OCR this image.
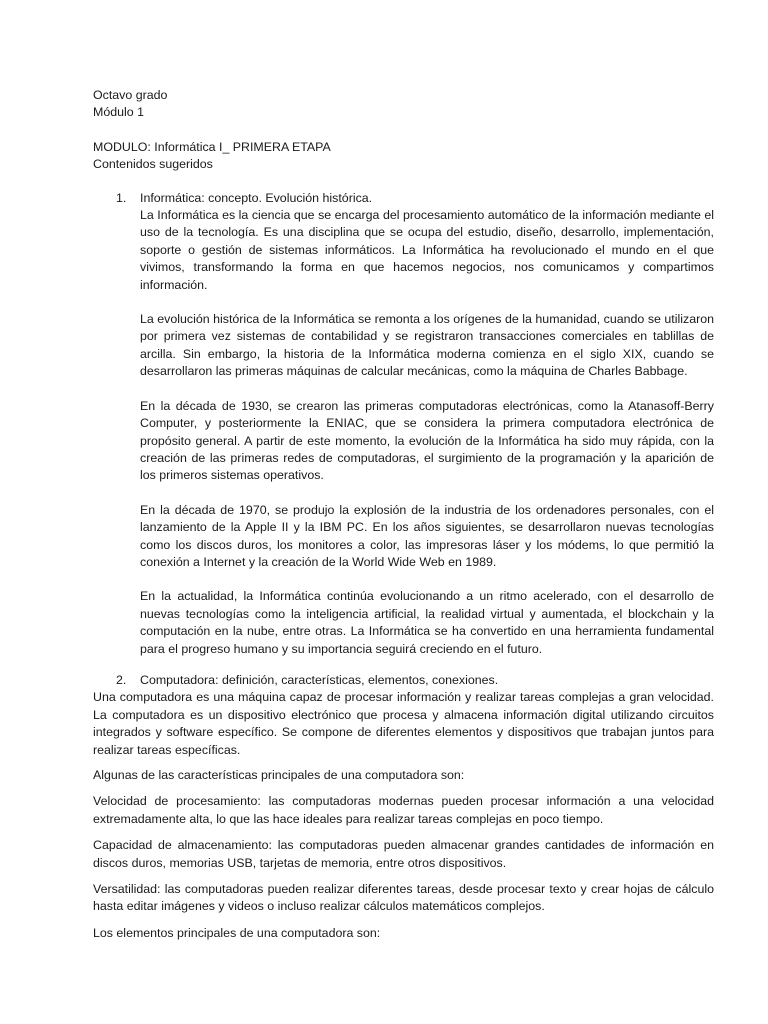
Octavo grado

Módulo 1

MODULO: Informática I_ PRIMERA ETAPA

Contenidos sugeridos

1. Informática: concepto. Evolución histórica.

La Informática es la ciencia que se encarga del procesamiento automático de la información mediante el uso de la tecnología. Es una disciplina que se ocupa del estudio, diseño, desarrollo, implementación, soporte o gestión de sistemas informáticos. La Informática ha revolucionado el mundo en el que vivimos, transformando la forma en que hacemos negocios, nos comunicamos y compartimos información.

La evolución histórica de la Informática se remonta a los orígenes de la humanidad, cuando se utilizaron por primera vez sistemas de contabilidad y se registraron transacciones comerciales en tablillas de arcilla. Sin embargo, la historia de la Informática moderna comienza en el siglo XIX, cuando se desarrollaron las primeras máquinas de calcular mecánicas, como la máquina de Charles Babbage.

En la década de 1930, se crearon las primeras computadoras electrónicas, como la Atanasoff-Berry Computer, y posteriormente la ENIAC, que se considera la primera computadora electrónica de propósito general. A partir de este momento, la evolución de la Informática ha sido muy rápida, con la creación de las primeras redes de computadoras, el surgimiento de la programación y la aparición de los primeros sistemas operativos.

En la década de 1970, se produjo la explosión de la industria de los ordenadores personales, con el lanzamiento de la Apple II y la IBM PC. En los años siguientes, se desarrollaron nuevas tecnologías como los discos duros, los monitores a color, las impresoras láser y los módems, lo que permitió la conexión a Internet y la creación de la World Wide Web en 1989.

En la actualidad, la Informática continúa evolucionando a un ritmo acelerado, con el desarrollo de nuevas tecnologías como la inteligencia artificial, la realidad virtual y aumentada, el blockchain y la computación en la nube, entre otras. La Informática se ha convertido en una herramienta fundamental para el progreso humano y su importancia seguirá creciendo en el futuro.

2. Computadora: definición, características, elementos, conexiones.

Una computadora es una máquina capaz de procesar información y realizar tareas complejas a gran velocidad. La computadora es un dispositivo electrónico que procesa y almacena información digital utilizando circuitos integrados y software específico. Se compone de diferentes elementos y dispositivos que trabajan juntos para realizar tareas específicas.

Algunas de las características principales de una computadora son:

Velocidad de procesamiento: las computadoras modernas pueden procesar información a una velocidad extremadamente alta, lo que las hace ideales para realizar tareas complejas en poco tiempo.

Capacidad de almacenamiento: las computadoras pueden almacenar grandes cantidades de información en discos duros, memorias USB, tarjetas de memoria, entre otros dispositivos.

Versatilidad: las computadoras pueden realizar diferentes tareas, desde procesar texto y crear hojas de cálculo hasta editar imágenes y videos o incluso realizar cálculos matemáticos complejos.

Los elementos principales de una computadora son:
